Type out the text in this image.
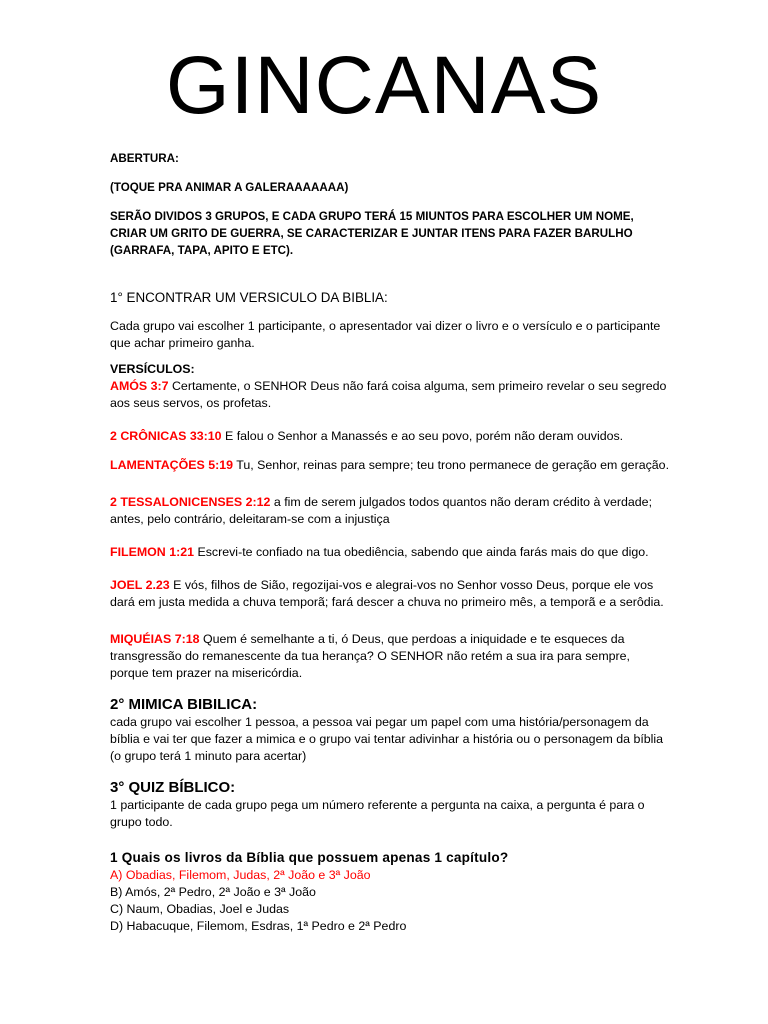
GINCANAS

ABERTURA:

(TOQUE PRA ANIMAR A GALERAAAAAAA)

SERÃO DIVIDOS 3 GRUPOS, E CADA GRUPO TERÁ 15 MIUNTOS PARA ESCOLHER UM NOME, CRIAR UM GRITO DE GUERRA, SE CARACTERIZAR E JUNTAR ITENS PARA FAZER BARULHO (GARRAFA, TAPA, APITO E ETC).

1° ENCONTRAR UM VERSICULO DA BIBLIA:

Cada grupo vai escolher 1 participante, o apresentador vai dizer o livro e o versículo e o participante que achar primeiro ganha.

VERSÍCULOS:

AMÓS 3:7 Certamente, o SENHOR Deus não fará coisa alguma, sem primeiro revelar o seu segredo aos seus servos, os profetas.

2 CRÔNICAS 33:10 E falou o Senhor a Manassés e ao seu povo, porém não deram ouvidos.

LAMENTAÇÕES 5:19 Tu, Senhor, reinas para sempre; teu trono permanece de geração em geração.

2 TESSALONICENSES 2:12 a fim de serem julgados todos quantos não deram crédito à verdade; antes, pelo contrário, deleitaram-se com a injustiça

FILEMON 1:21 Escrevi-te confiado na tua obediência, sabendo que ainda farás mais do que digo.

JOEL 2.23 E vós, filhos de Sião, regozijai-vos e alegrai-vos no Senhor vosso Deus, porque ele vos dará em justa medida a chuva temporã; fará descer a chuva no primeiro mês, a temporã e a serôdia.

MIQUÉIAS 7:18 Quem é semelhante a ti, ó Deus, que perdoas a iniquidade e te esqueces da transgressão do remanescente da tua herança? O SENHOR não retém a sua ira para sempre, porque tem prazer na misericórdia.

2° MIMICA BIBILICA:

cada grupo vai escolher 1 pessoa, a pessoa vai pegar um papel com uma história/personagem da bíblia e vai ter que fazer a mimica e o grupo vai tentar adivinhar a história ou o personagem da bíblia (o grupo terá 1 minuto para acertar)

3° QUIZ BÍBLICO:

1 participante de cada grupo pega um número referente a pergunta na caixa, a pergunta é para o grupo todo.

1 Quais os livros da Bíblia que possuem apenas 1 capítulo?

A) Obadias, Filemom, Judas, 2ª João e 3ª João

B) Amós, 2ª Pedro, 2ª João e 3ª João

C) Naum, Obadias, Joel e Judas

D) Habacuque, Filemom, Esdras, 1ª Pedro e 2ª Pedro
